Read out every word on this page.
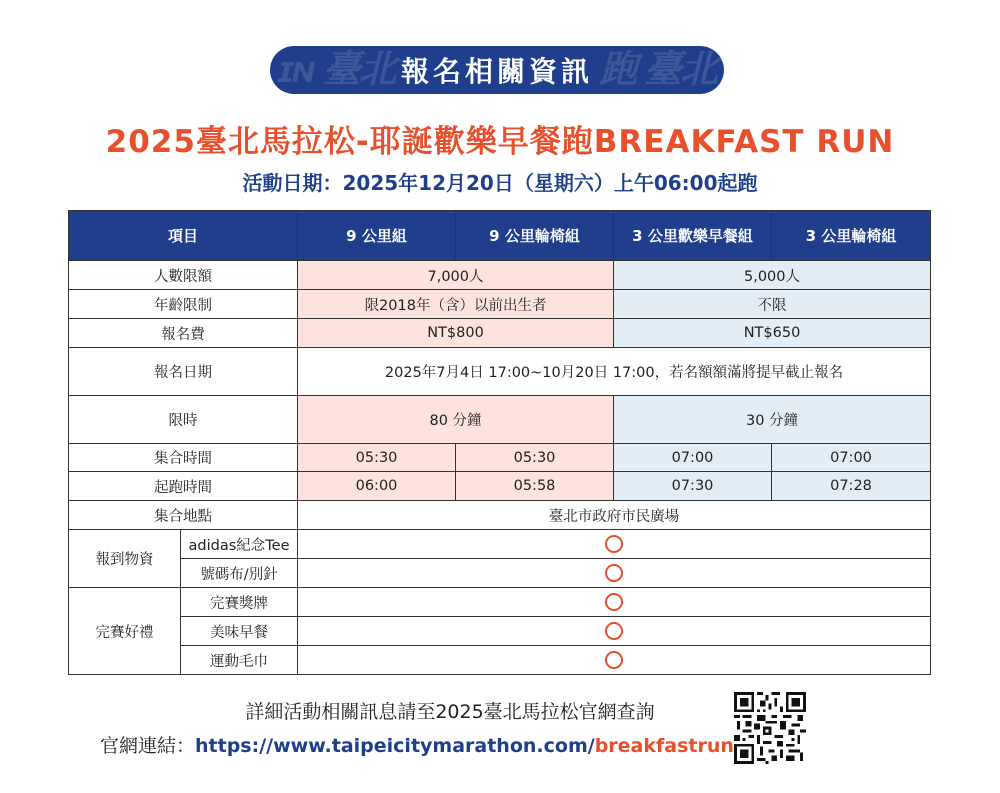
ɪɴ 臺北	跑 臺北
報名相關資訊
2025臺北馬拉松-耶誕歡樂早餐跑BREAKFAST RUN
活動日期：2025年12月20日（星期六）上午06:00起跑
項目		9 公里組	9 公里輪椅組	3 公里歡樂早餐組	3 公里輪椅組
人數限額		7,000人		5,000人	
年齡限制		限2018年（含）以前出生者		不限	
報名費		NT$800		NT$650	
報名日期		2025年7月4日 17:00~10月20日 17:00，若名額額滿將提早截止報名			
限時		80 分鐘		30 分鐘	
集合時間		05:30	05:30	07:00	07:00
起跑時間		06:00	05:58	07:30	07:28
集合地點		臺北市政府市民廣場			
報到物資	adidas紀念Tee				
	號碼布/別針				
完賽好禮	完賽獎牌				
	美味早餐				
	運動毛巾				
詳細活動相關訊息請至2025臺北馬拉松官網查詢
官網連結：https://www.taipeicitymarathon.com/breakfastrun
